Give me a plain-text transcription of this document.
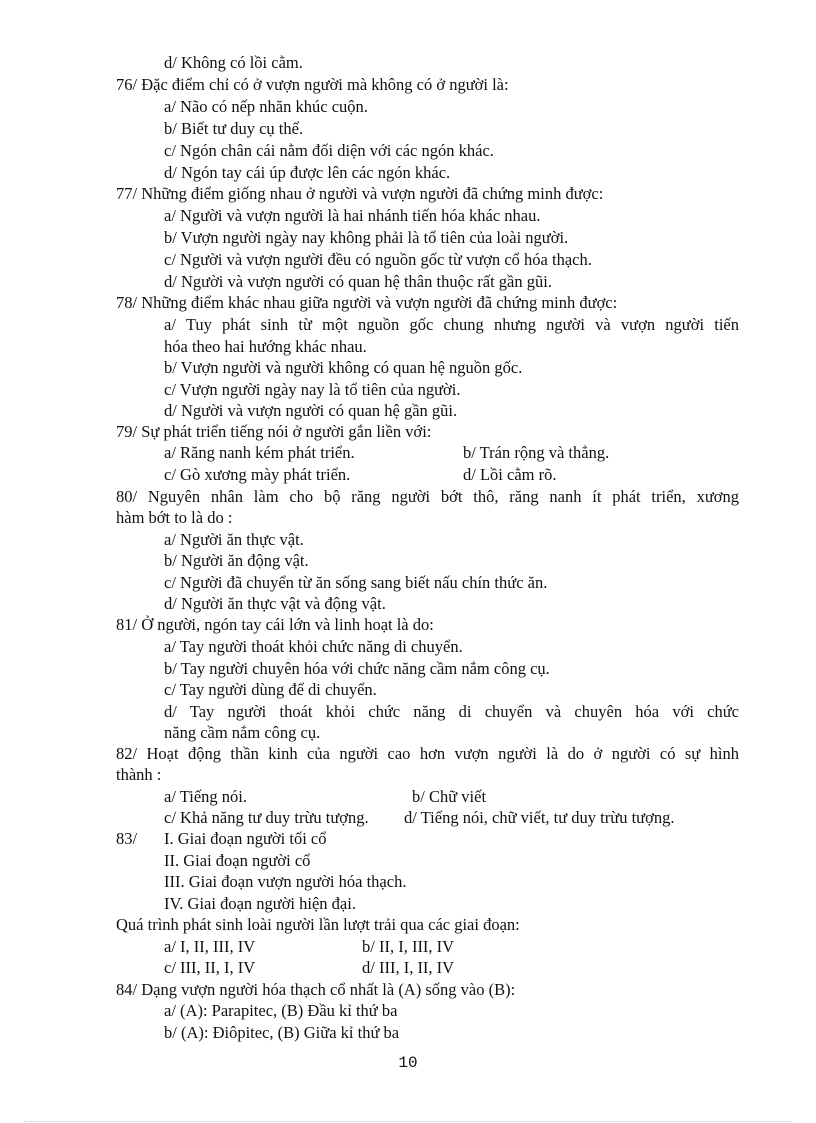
d/ Không có lồi cằm.
76/ Đặc điểm chỉ có ở vượn người mà không có ở người là:
a/ Não có nếp nhăn khúc cuộn.
b/ Biết tư duy cụ thể.
c/ Ngón chân cái nằm đối diện với các ngón khác.
d/ Ngón tay cái úp được lên các ngón khác.
77/ Những điểm giống nhau ở người và vượn người đã chứng minh được:
a/ Người và vượn người là hai nhánh tiến hóa khác nhau.
b/ Vượn người ngày nay không phải là tổ tiên của loài người.
c/ Người và vượn người đều có nguồn gốc từ vượn cổ hóa thạch.
d/ Người và vượn người có quan hệ thân thuộc rất gần gũi.
78/ Những điểm khác nhau giữa người và vượn người đã chứng minh được:
a/ Tuy phát sinh từ một nguồn gốc chung nhưng người và vượn người tiến
hóa theo hai hướng khác nhau.
b/ Vượn người và người không có quan hệ nguồn gốc.
c/ Vượn người ngày nay là tổ tiên của người.
d/ Người và vượn người có quan hệ gần gũi.
79/ Sự phát triển tiếng nói ở người gắn liền với:
a/ Răng nanh kém phát triển.	b/ Trán rộng và thẳng.
c/ Gò xương mày phát triển.	d/ Lồi cằm rõ.
80/ Nguyên nhân làm cho bộ răng người bớt thô, răng nanh ít phát triển, xương
hàm bớt to là do :
a/ Người ăn thực vật.
b/ Người ăn động vật.
c/ Người đã chuyển từ ăn sống sang biết nấu chín thức ăn.
d/ Người ăn thực vật và động vật.
81/ Ở người, ngón tay cái lớn và linh hoạt là do:
a/ Tay người thoát khỏi chức năng di chuyển.
b/ Tay người chuyên hóa với chức năng cầm nắm công cụ.
c/ Tay người dùng để di chuyển.
d/ Tay người thoát khỏi chức năng di chuyển và chuyên hóa với chức
năng cầm nắm công cụ.
82/ Hoạt động thần kinh của người cao hơn vượn người là do ở người có sự hình
thành :
a/ Tiếng nói.	b/ Chữ viết
c/ Khả năng tư duy trừu tượng. d/ Tiếng nói, chữ viết, tư duy trừu tượng.
83/ I. Giai đoạn người tối cổ
II. Giai đoạn người cổ
III. Giai đoạn vượn người hóa thạch.
IV. Giai đoạn người hiện đại.
Quá trình phát sinh loài người lần lượt trải qua các giai đoạn:
a/ I, II, III, IV	b/ II, I, III, IV
c/ III, II, I, IV	d/ III, I, II, IV
84/ Dạng vượn người hóa thạch cổ nhất là (A) sống vào (B):
a/ (A): Parapitec, (B) Đầu kỉ thứ ba
b/ (A): Điôpitec, (B) Giữa kỉ thứ ba
10
